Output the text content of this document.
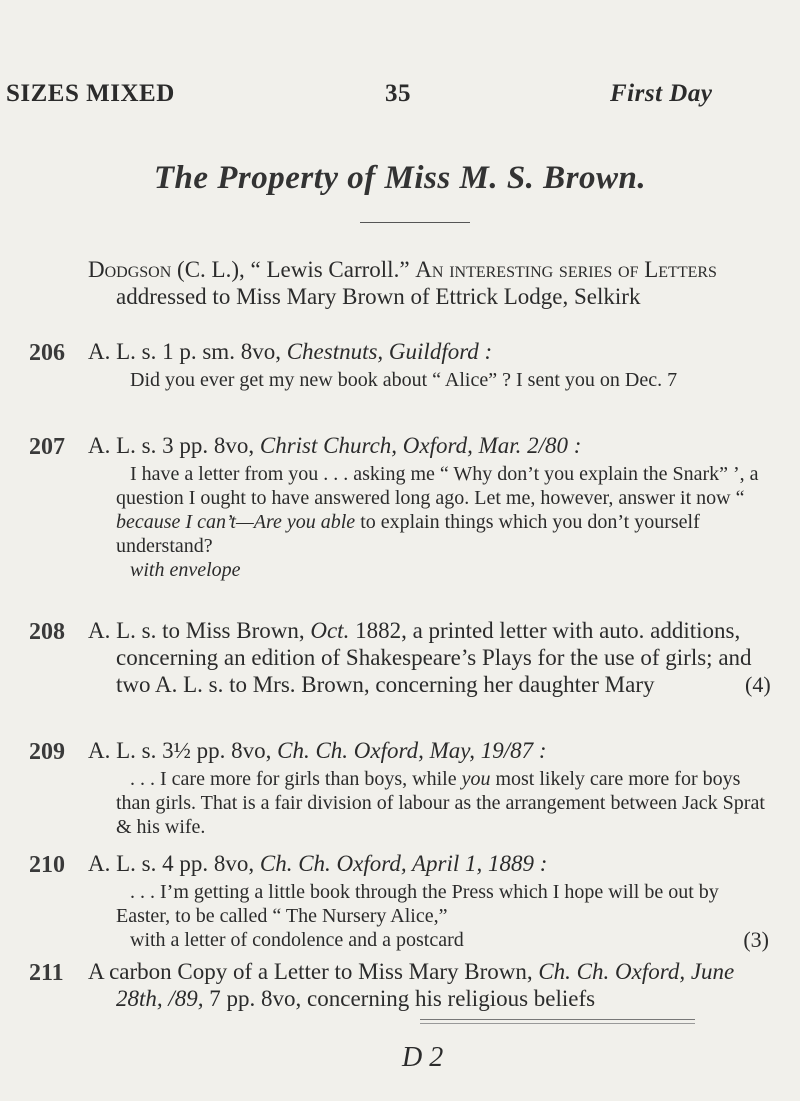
SIZES MIXED	35	First Day
The Property of Miss M. S. Brown.
Dodgson (C. L.), “ Lewis Carroll.” An interesting series of Letters addressed to Miss Mary Brown of Ettrick Lodge, Selkirk
206 A. L. s. 1 p. sm. 8vo, Chestnuts, Guildford :
Did you ever get my new book about “ Alice” ? I sent you on Dec. 7
207 A. L. s. 3 pp. 8vo, Christ Church, Oxford, Mar. 2/80 :
I have a letter from you . . . asking me “ Why don’t you explain the Snark” ’, a question I ought to have answered long ago. Let me, however, answer it now “ because I can’t—Are you able to explain things which you don’t yourself understand?
with envelope
208 A. L. s. to Miss Brown, Oct. 1882, a printed letter with auto. additions, concerning an edition of Shakespeare’s Plays for the use of girls; and two A. L. s. to Mrs. Brown, concerning her daughter Mary	(4)
209 A. L. s. 3½ pp. 8vo, Ch. Ch. Oxford, May, 19/87 :
. . . I care more for girls than boys, while you most likely care more for boys than girls. That is a fair division of labour as the arrangement between Jack Sprat & his wife.
210 A. L. s. 4 pp. 8vo, Ch. Ch. Oxford, April 1, 1889 :
. . . I’m getting a little book through the Press which I hope will be out by Easter, to be called “ The Nursery Alice,”
with a letter of condolence and a postcard	(3)
211 A carbon Copy of a Letter to Miss Mary Brown, Ch. Ch. Oxford, June 28th, /89, 7 pp. 8vo, concerning his religious beliefs
D 2
